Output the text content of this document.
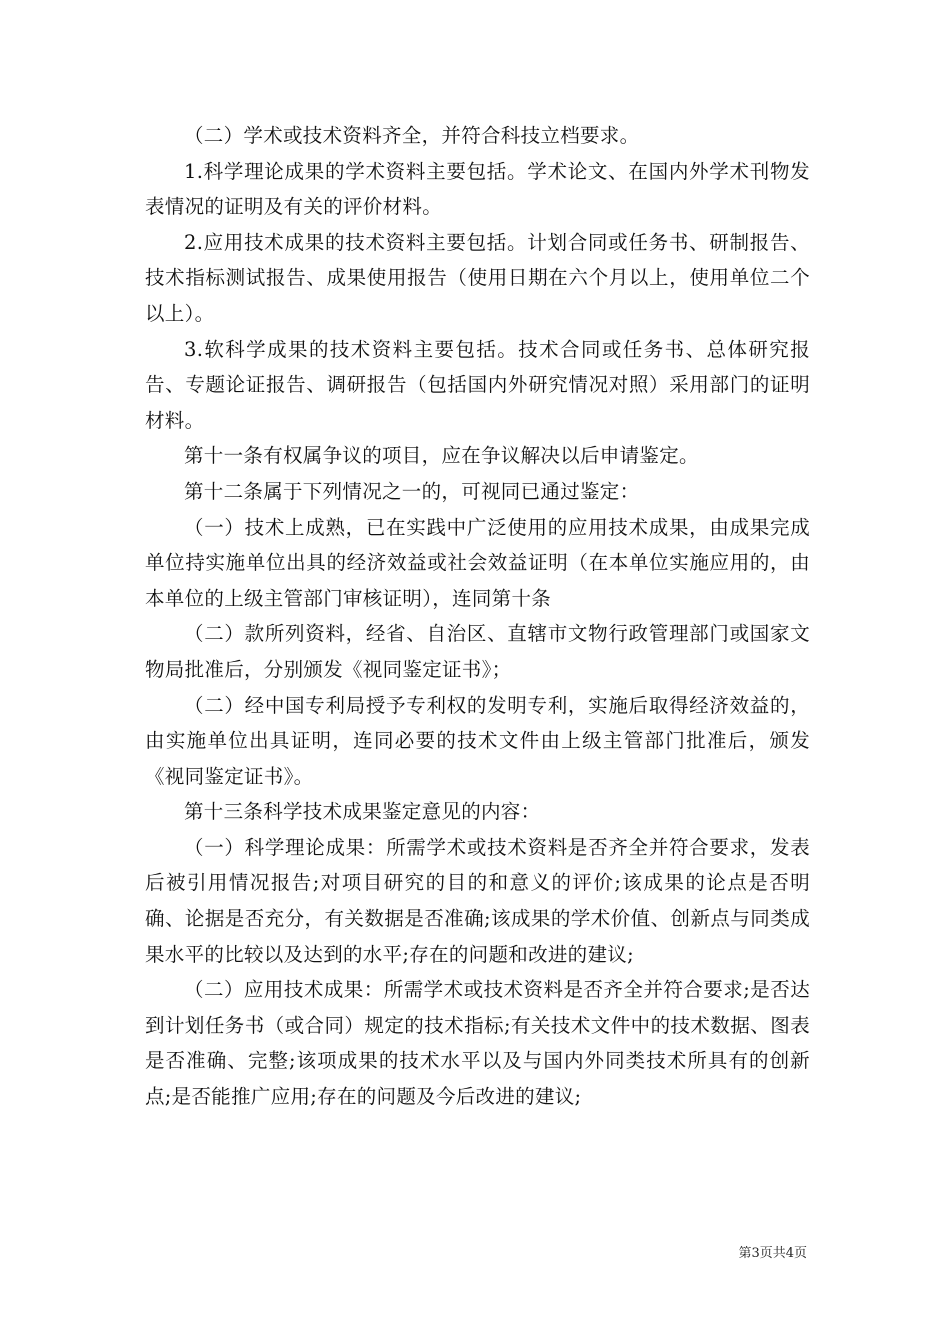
（二）学术或技术资料齐全，并符合科技立档要求。

1.科学理论成果的学术资料主要包括。学术论文、在国内外学术刊物发表情况的证明及有关的评价材料。

2.应用技术成果的技术资料主要包括。计划合同或任务书、研制报告、技术指标测试报告、成果使用报告（使用日期在六个月以上，使用单位二个以上）。

3.软科学成果的技术资料主要包括。技术合同或任务书、总体研究报告、专题论证报告、调研报告（包括国内外研究情况对照）采用部门的证明材料。

第十一条有权属争议的项目，应在争议解决以后申请鉴定。

第十二条属于下列情况之一的，可视同已通过鉴定：

（一）技术上成熟，已在实践中广泛使用的应用技术成果，由成果完成单位持实施单位出具的经济效益或社会效益证明（在本单位实施应用的，由本单位的上级主管部门审核证明），连同第十条

（二）款所列资料，经省、自治区、直辖市文物行政管理部门或国家文物局批准后，分别颁发《视同鉴定证书》；

（二）经中国专利局授予专利权的发明专利，实施后取得经济效益的，由实施单位出具证明，连同必要的技术文件由上级主管部门批准后，颁发《视同鉴定证书》。

第十三条科学技术成果鉴定意见的内容：

（一）科学理论成果：所需学术或技术资料是否齐全并符合要求，发表后被引用情况报告;对项目研究的目的和意义的评价;该成果的论点是否明确、论据是否充分，有关数据是否准确;该成果的学术价值、创新点与同类成果水平的比较以及达到的水平;存在的问题和改进的建议;

（二）应用技术成果：所需学术或技术资料是否齐全并符合要求;是否达到计划任务书（或合同）规定的技术指标;有关技术文件中的技术数据、图表是否准确、完整;该项成果的技术水平以及与国内外同类技术所具有的创新点;是否能推广应用;存在的问题及今后改进的建议;

第3页共4页
